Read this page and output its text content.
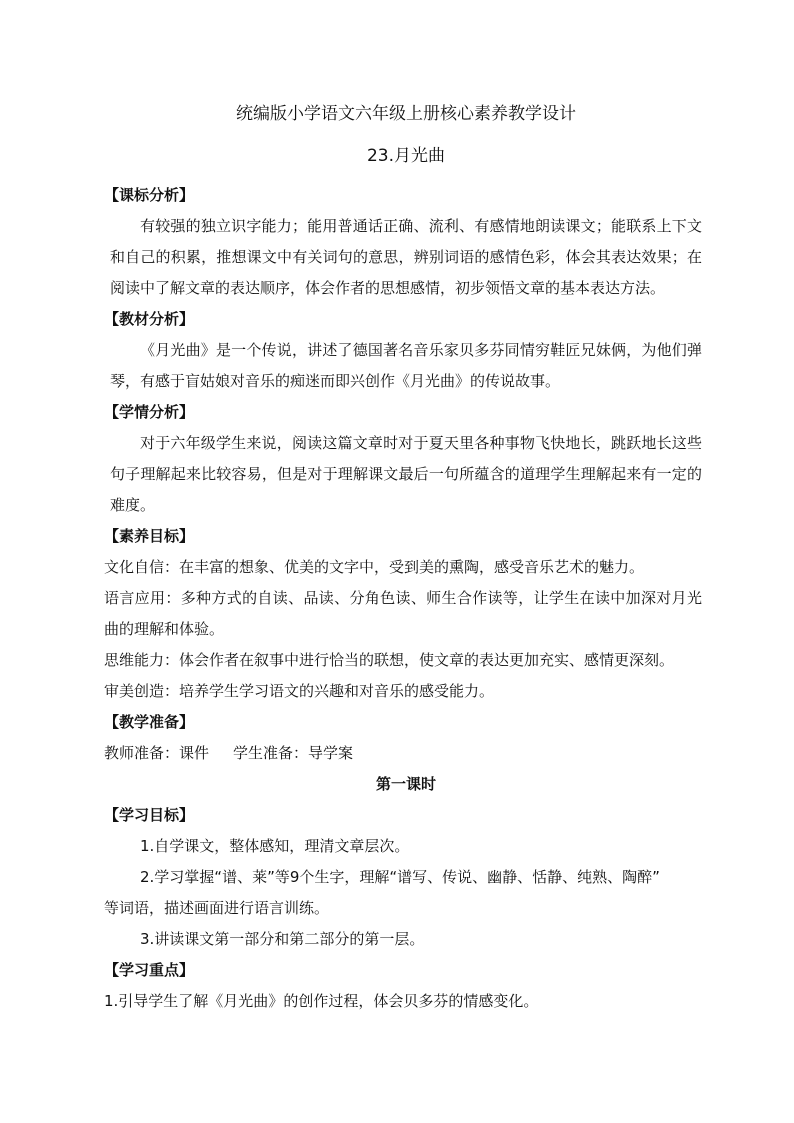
统编版小学语文六年级上册核心素养教学设计

23.月光曲

【课标分析】

有较强的独立识字能力；能用普通话正确、流利、有感情地朗读课文；能联系上下文和自己的积累，推想课文中有关词句的意思，辨别词语的感情色彩，体会其表达效果；在阅读中了解文章的表达顺序，体会作者的思想感情，初步领悟文章的基本表达方法。

【教材分析】

《月光曲》是一个传说，讲述了德国著名音乐家贝多芬同情穷鞋匠兄妹俩，为他们弹琴，有感于盲姑娘对音乐的痴迷而即兴创作《月光曲》的传说故事。

【学情分析】

对于六年级学生来说，阅读这篇文章时对于夏天里各种事物飞快地长，跳跃地长这些句子理解起来比较容易，但是对于理解课文最后一句所蕴含的道理学生理解起来有一定的难度。

【素养目标】

文化自信：在丰富的想象、优美的文字中，受到美的熏陶，感受音乐艺术的魅力。

语言应用：多种方式的自读、品读、分角色读、师生合作读等，让学生在读中加深对月光曲的理解和体验。

思维能力：体会作者在叙事中进行恰当的联想，使文章的表达更加充实、感情更深刻。

审美创造：培养学生学习语文的兴趣和对音乐的感受能力。

【教学准备】

教师准备：课件 学生准备：导学案

第一课时

【学习目标】

1.自学课文，整体感知，理清文章层次。

2.学习掌握“谱、莱”等9个生字，理解“谱写、传说、幽静、恬静、纯熟、陶醉”

等词语，描述画面进行语言训练。

3.讲读课文第一部分和第二部分的第一层。

【学习重点】

1.引导学生了解《月光曲》的创作过程，体会贝多芬的情感变化。
